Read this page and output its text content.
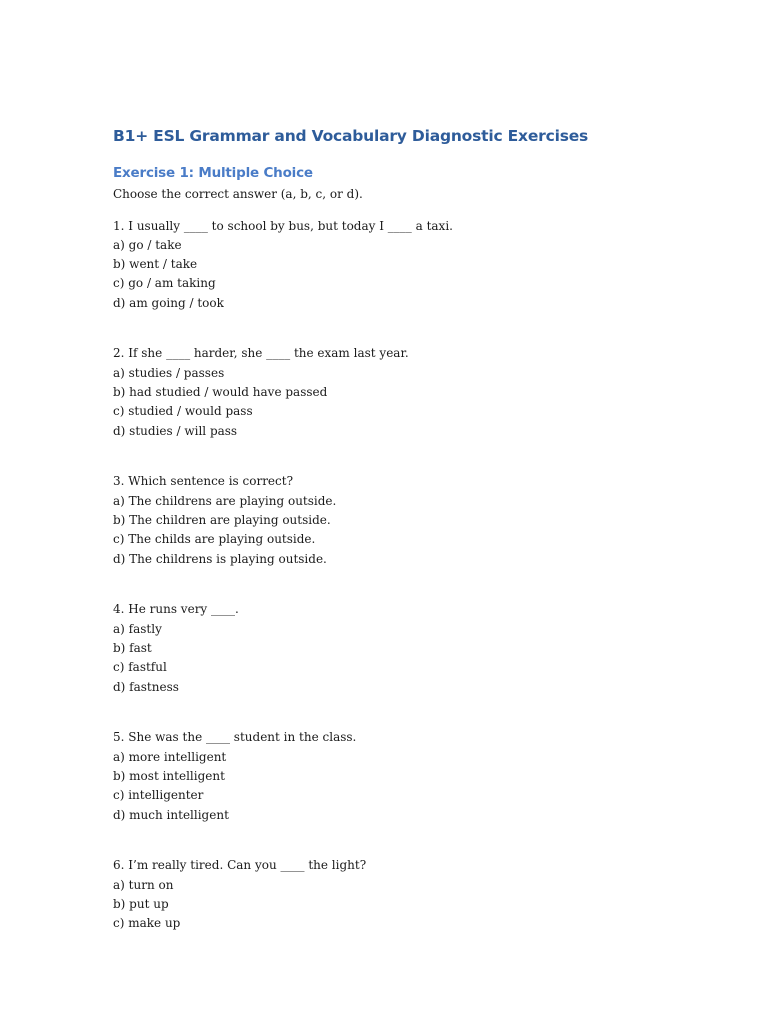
B1+ ESL Grammar and Vocabulary Diagnostic Exercises
Exercise 1: Multiple Choice

Choose the correct answer (a, b, c, or d).

1. I usually ____ to school by bus, but today I ____ a taxi.
a) go / take
b) went / take
c) go / am taking
d) am going / took
2. If she ____ harder, she ____ the exam last year.
a) studies / passes
b) had studied / would have passed
c) studied / would pass
d) studies / will pass
3. Which sentence is correct?
a) The childrens are playing outside.
b) The children are playing outside.
c) The childs are playing outside.
d) The childrens is playing outside.
4. He runs very ____.
a) fastly
b) fast
c) fastful
d) fastness
5. She was the ____ student in the class.
a) more intelligent
b) most intelligent
c) intelligenter
d) much intelligent
6. I’m really tired. Can you ____ the light?
a) turn on
b) put up
c) make up
